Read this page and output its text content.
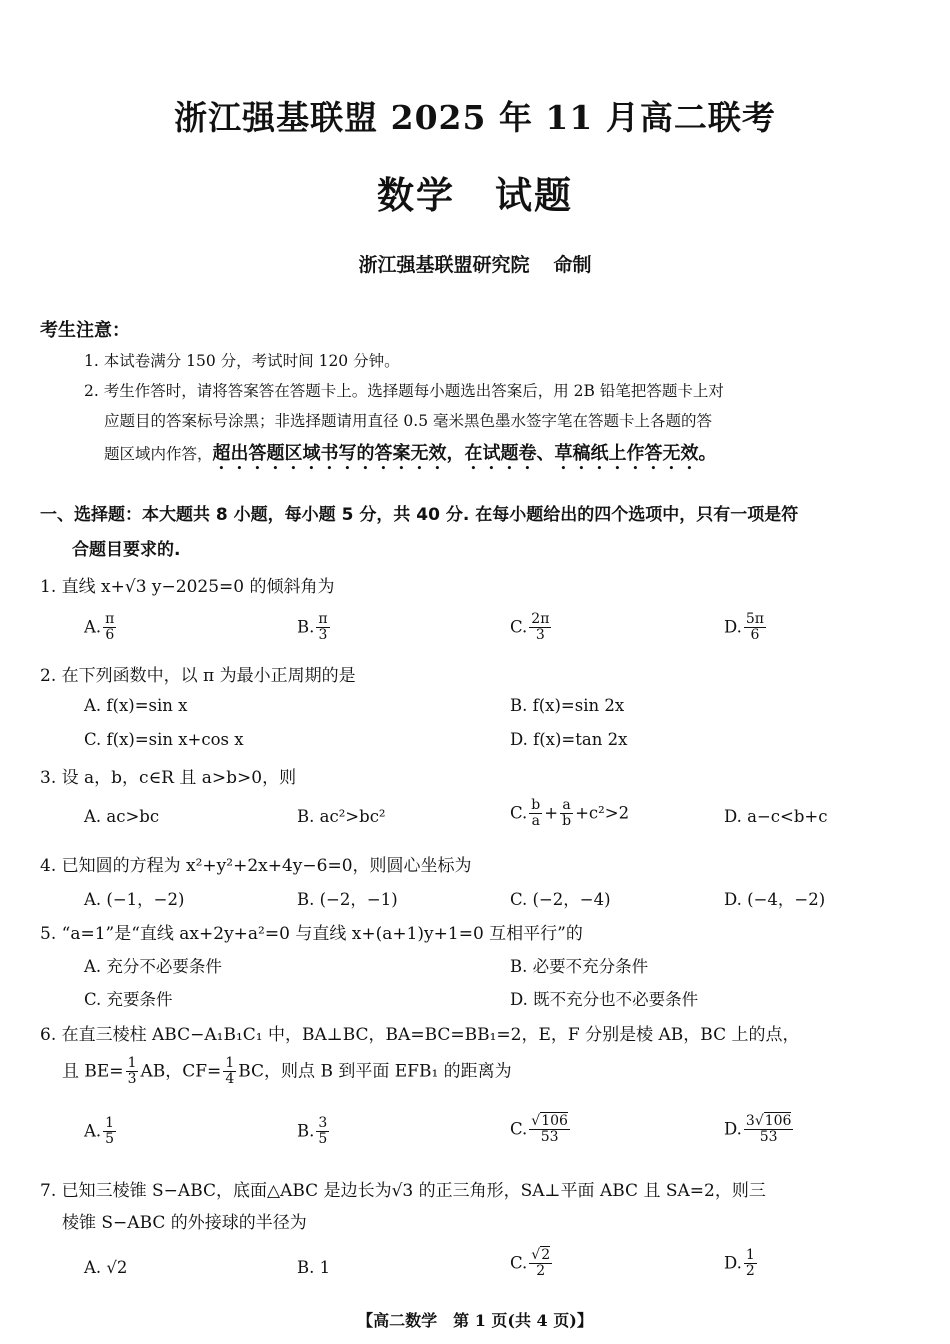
浙江强基联盟 2025 年 11 月高二联考
数学 试题
浙江强基联盟研究院 命制
考生注意：
1. 本试卷满分 150 分，考试时间 120 分钟。
2. 考生作答时，请将答案答在答题卡上。选择题每小题选出答案后，用 2B 铅笔把答题卡上对
应题目的答案标号涂黑；非选择题请用直径 0.5 毫米黑色墨水签字笔在答题卡上各题的答
题区域内作答，超出答题区域书写的答案无效，在试题卷、草稿纸上作答无效。
一、选择题：本大题共 8 小题，每小题 5 分，共 40 分. 在每小题给出的四个选项中，只有一项是符
合题目要求的.
1. 直线 x+√3 y−2025=0 的倾斜角为
A. $\frac{\pi}{6}$	B. $\frac{\pi}{3}$	C. $\frac{2\pi}{3}$	D. $\frac{5\pi}{6}$
2. 在下列函数中，以 π 为最小正周期的是
A. f(x)=sin x	B. f(x)=sin 2x
C. f(x)=sin x+cos x	D. f(x)=tan 2x
3. 设 a，b，c∈R 且 a>b>0，则
A. ac>bc	B. ac²>bc²	C. $\frac{b}{a} + \frac{a}{b} +c^2>2$	D. a−c<b+c
4. 已知圆的方程为 x²+y²+2x+4y−6=0，则圆心坐标为
A. (−1，−2)	B. (−2，−1)	C. (−2，−4)	D. (−4，−2)
5. “a=1”是“直线 ax+2y+a²=0 与直线 x+(a+1)y+1=0 互相平行”的
A. 充分不必要条件	B. 必要不充分条件
C. 充要条件	D. 既不充分也不必要条件
6. 在直三棱柱 ABC−A₁B₁C₁ 中，BA⊥BC，BA=BC=BB₁=2，E，F 分别是棱 AB，BC 上的点，
且 $BE= \frac{1}{3}$ AB，$CF= \frac{1}{4}$ BC，则点 B 到平面 EFB₁ 的距离为
A. $\frac{1}{5}$	B. $\frac{3}{5}$	C. $\frac{√106}{53}$	D. $\frac{3√106}{53}$
7. 已知三棱锥 S−ABC，底面△ABC 是边长为√3 的正三角形，SA⊥平面 ABC 且 SA=2，则三
棱锥 S−ABC 的外接球的半径为
A. √2	B. 1	C. $\frac{√2}{2}$	D. $\frac{1}{2}$
【高二数学　第 1 页(共 4 页)】
